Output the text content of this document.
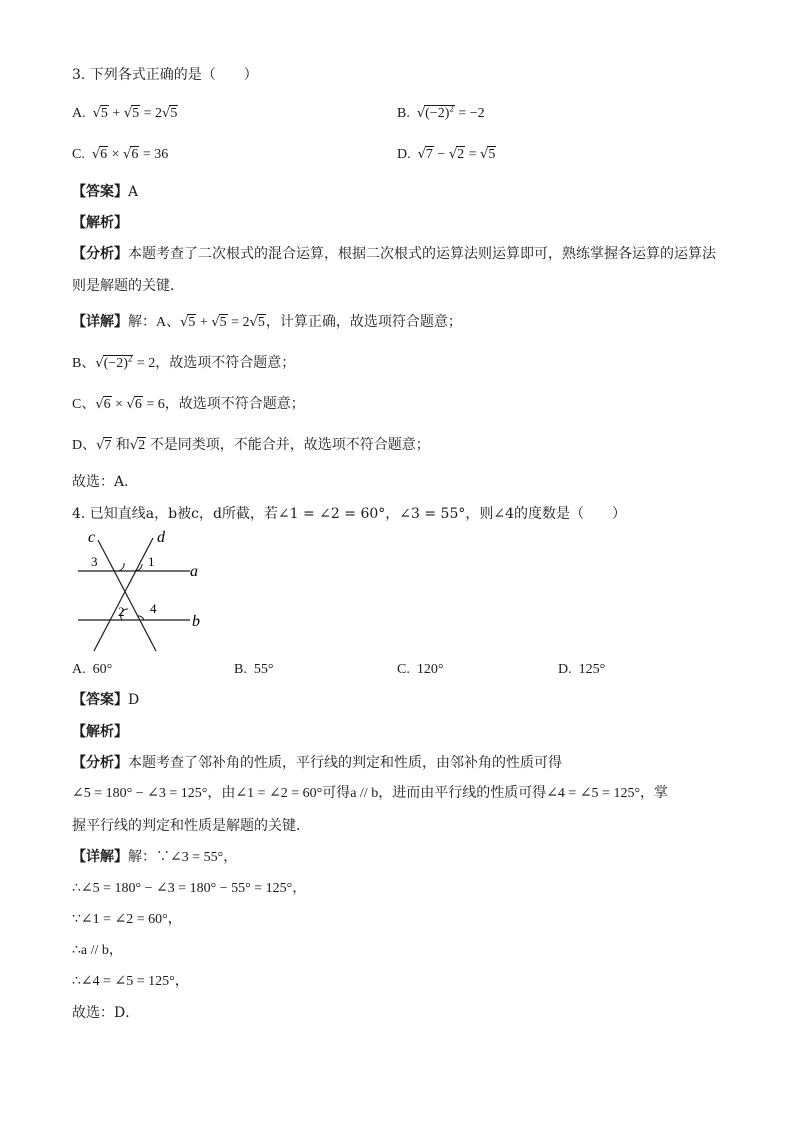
3. 下列各式正确的是（　　）
A. √5 + √5 = 2√5	B. $√(-2)^2 = -2$
C. √6 × √6 = 36	D. √7 − √2 = √5
【答案】A
【解析】
【分析】本题考查了二次根式的混合运算，根据二次根式的运算法则运算即可，熟练掌握各运算的运算法
则是解题的关键．
【详解】解：A、√5 + √5 = 2√5，计算正确，故选项符合题意；
B、$√(-2)^2 = 2$，故选项不符合题意；
C、√6 × √6 = 6，故选项不符合题意；
D、√7 和√2 不是同类项，不能合并，故选项不符合题意；
故选：A．
4. 已知直线a，b被c，d所截，若∠1 = ∠2 = 60°，∠3 = 55°，则∠4的度数是（　　）
c	d
a
b
1
2
3
4
A. 60°	B. 55°	C. 120°	D. 125°
【答案】D
【解析】
【分析】本题考查了邻补角的性质，平行线的判定和性质，由邻补角的性质可得
∠5 = 180° − ∠3 = 125°，由∠1 = ∠2 = 60°可得a // b，进而由平行线的性质可得∠4 = ∠5 = 125°，掌
握平行线的判定和性质是解题的关键．
【详解】解：∵∠3 = 55°，
∴∠5 = 180° − ∠3 = 180° − 55° = 125°，
∵∠1 = ∠2 = 60°，
∴a // b，
∴∠4 = ∠5 = 125°，
故选：D．
